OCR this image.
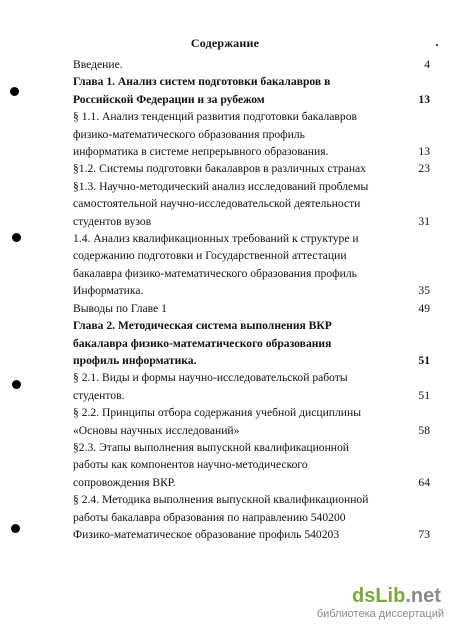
Содержание
Введение.	4
Глава 1. Анализ систем подготовки бакалавров в
Российской Федерации и за рубежом	13
§ 1.1. Анализ тенденций развития подготовки бакалавров
физико-математического образования профиль
информатика в системе непрерывного образования.	13
§1.2. Системы подготовки бакалавров в различных странах	23
§1.3. Научно-методический анализ исследований проблемы
самостоятельной научно-исследовательской деятельности
студентов вузов	31
1.4. Анализ квалификационных требований к структуре и
содержанию подготовки и Государственной аттестации
бакалавра физико-математического образования профиль
Информатика.	35
Выводы по Главе 1	49
Глава 2. Методическая система выполнения ВКР
бакалавра физико-математического образования
профиль информатика.	51
§ 2.1. Виды и формы научно-исследовательской работы
студентов.	51
§ 2.2. Принципы отбора содержания учебной дисциплины
«Основы научных исследований»	58
§2.3. Этапы выполнения выпускной квалификационной
работы как компонентов научно-методического
сопровождения ВКР.	64
§ 2.4. Методика выполнения выпускной квалификационной
работы бакалавра образования по направлению 540200
Физико-математическое образование профиль 540203	73
dsLib.net
библиотека диссертаций
